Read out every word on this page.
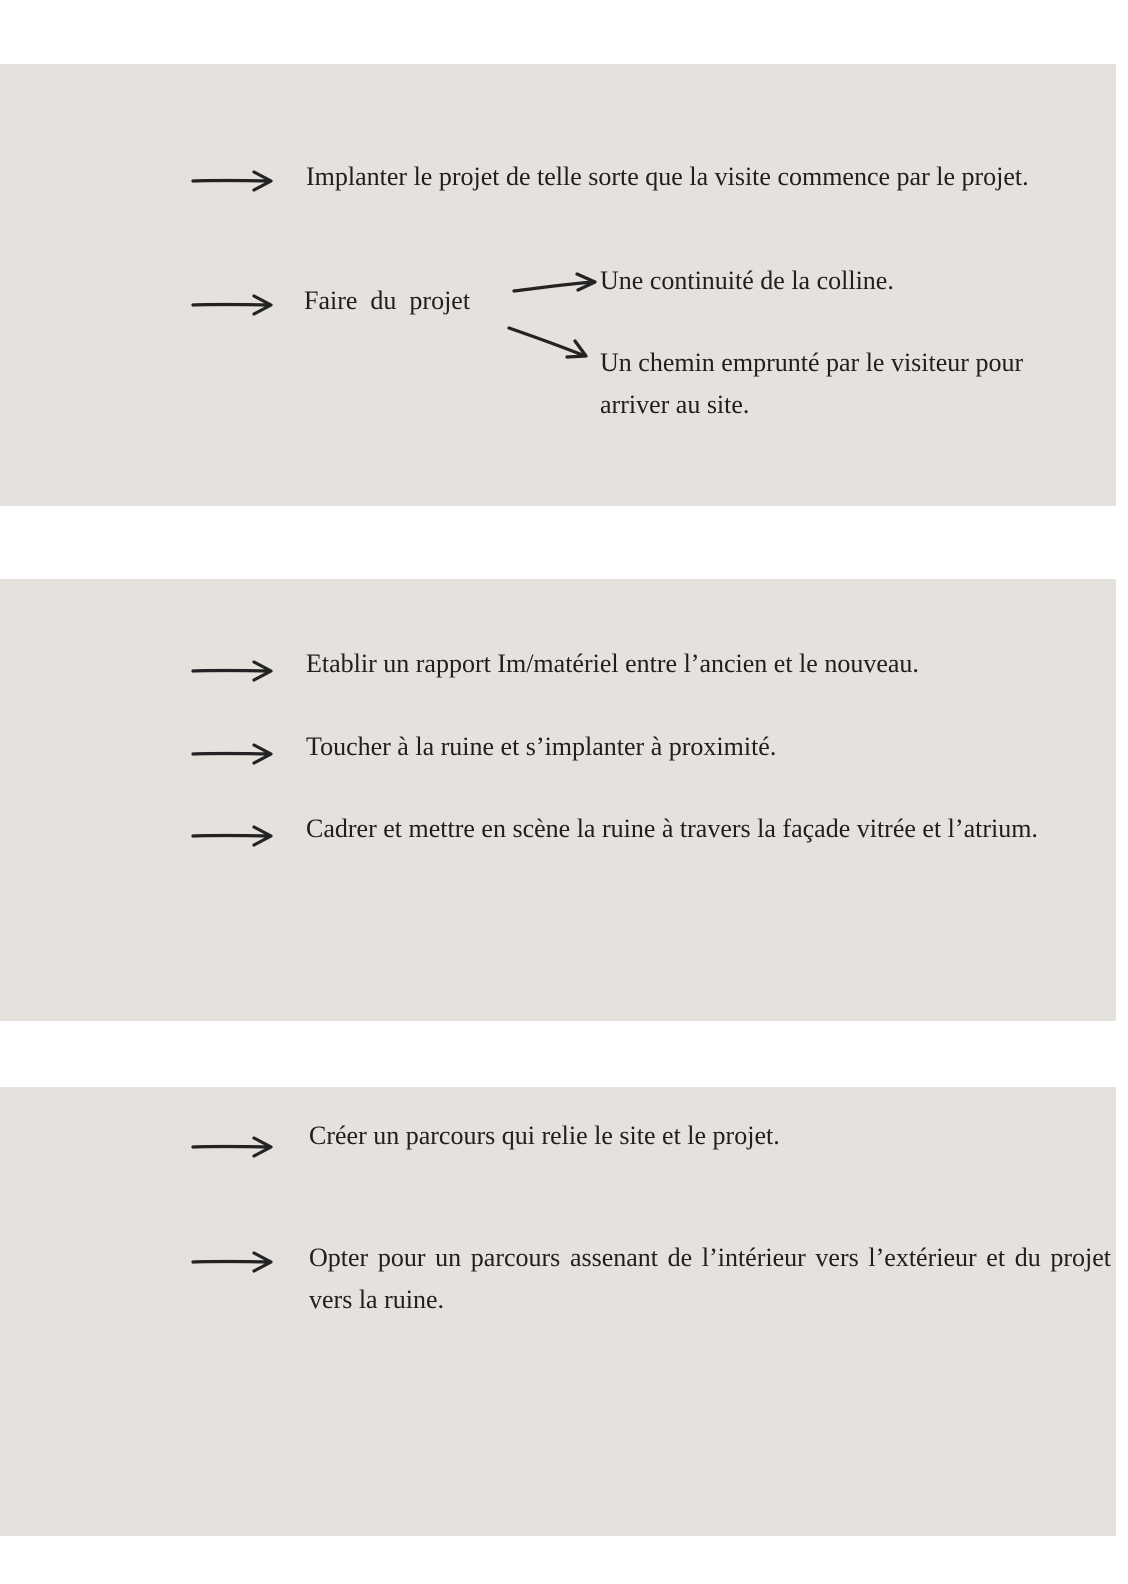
Implanter le projet de telle sorte que la visite commence par le projet.

Faire  du  projet

Une continuité de la colline.

Un chemin emprunté par le visiteur pour arriver au site.

Etablir un rapport Im/matériel entre l’ancien et le nouveau.

Toucher à la ruine et s’implanter à proximité.

Cadrer et mettre en scène la ruine à travers la façade vitrée et l’atrium.

Créer un parcours qui relie le site et le projet.

Opter pour un parcours assenant de l’intérieur vers l’extérieur et du projet vers la ruine.
